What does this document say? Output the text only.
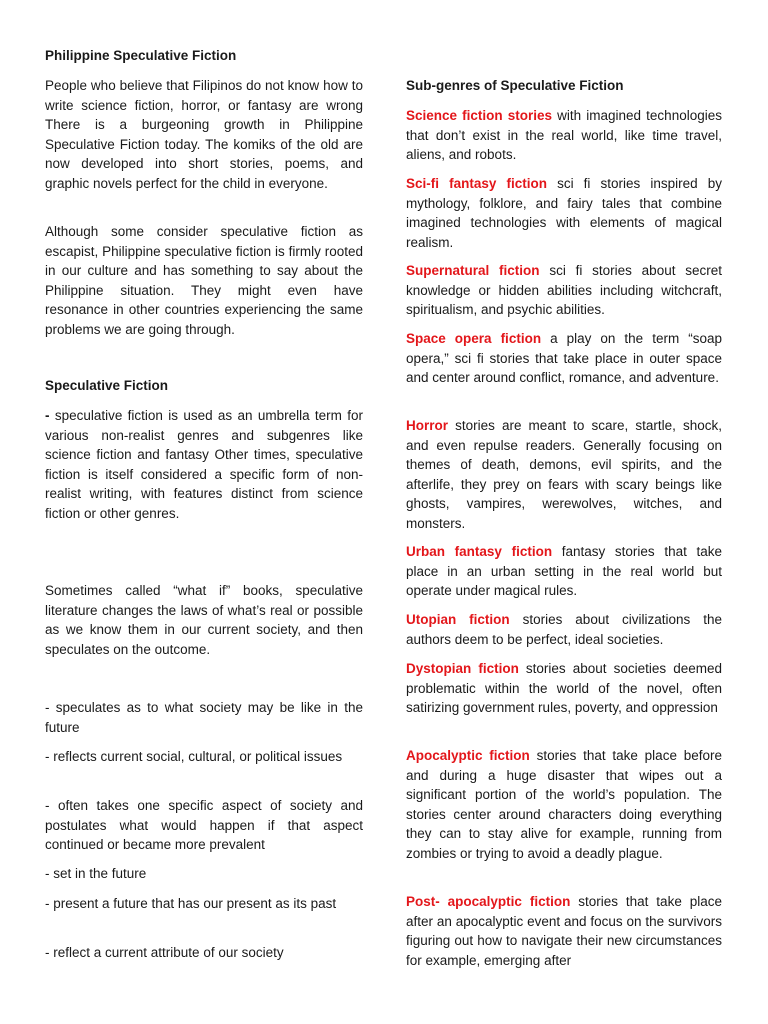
Philippine Speculative Fiction

People who believe that Filipinos do not know how to write science fiction, horror, or fantasy are wrong There is a burgeoning growth in Philippine Speculative Fiction today. The komiks of the old are now developed into short stories, poems, and graphic novels perfect for the child in everyone.

Although some consider speculative fiction as escapist, Philippine speculative fiction is firmly rooted in our culture and has something to say about the Philippine situation. They might even have resonance in other countries experiencing the same problems we are going through.

Speculative Fiction

- speculative fiction is used as an umbrella term for various non-realist genres and subgenres like science fiction and fantasy Other times, speculative fiction is itself considered a specific form of non-realist writing, with features distinct from science fiction or other genres.

Sometimes called “what if” books, speculative literature changes the laws of what’s real or possible as we know them in our current society, and then speculates on the outcome.

- speculates as to what society may be like in the future

- reflects current social, cultural, or political issues

- often takes one specific aspect of society and postulates what would happen if that aspect continued or became more prevalent

- set in the future

- present a future that has our present as its past

- reflect a current attribute of our society

Sub-genres of Speculative Fiction

Science fiction stories with imagined technologies that don’t exist in the real world, like time travel, aliens, and robots.

Sci-fi fantasy fiction sci fi stories inspired by mythology, folklore, and fairy tales that combine imagined technologies with elements of magical realism.

Supernatural fiction sci fi stories about secret knowledge or hidden abilities including witchcraft, spiritualism, and psychic abilities.

Space opera fiction a play on the term “soap opera,” sci fi stories that take place in outer space and center around conflict, romance, and adventure.

Horror stories are meant to scare, startle, shock, and even repulse readers. Generally focusing on themes of death, demons, evil spirits, and the afterlife, they prey on fears with scary beings like ghosts, vampires, werewolves, witches, and monsters.

Urban fantasy fiction fantasy stories that take place in an urban setting in the real world but operate under magical rules.

Utopian fiction stories about civilizations the authors deem to be perfect, ideal societies.

Dystopian fiction stories about societies deemed problematic within the world of the novel, often satirizing government rules, poverty, and oppression

Apocalyptic fiction stories that take place before and during a huge disaster that wipes out a significant portion of the world’s population. The stories center around characters doing everything they can to stay alive for example, running from zombies or trying to avoid a deadly plague.

Post- apocalyptic fiction stories that take place after an apocalyptic event and focus on the survivors figuring out how to navigate their new circumstances for example, emerging after
